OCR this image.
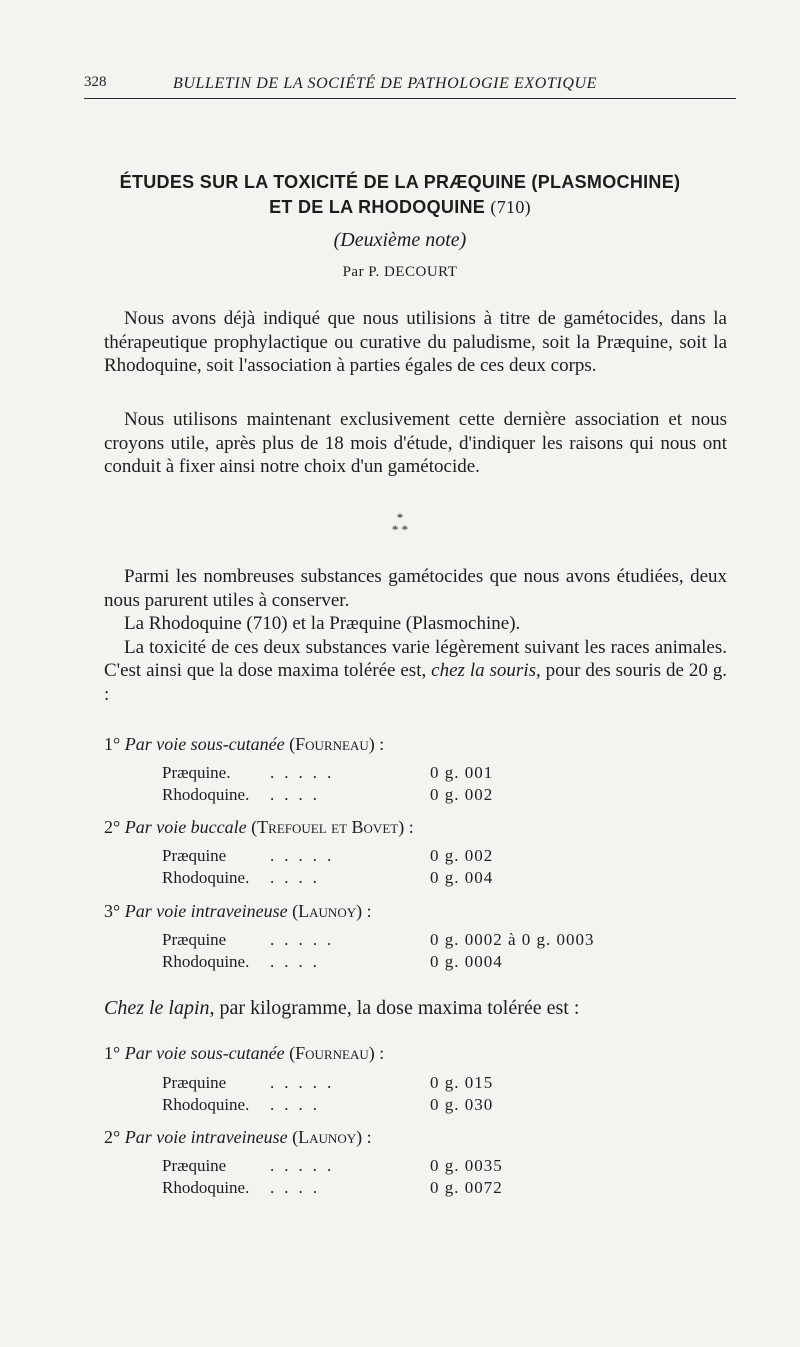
328	BULLETIN DE LA SOCIÉTÉ DE PATHOLOGIE EXOTIQUE
ÉTUDES SUR LA TOXICITÉ DE LA PRÆQUINE (PLASMOCHINE)
ET DE LA RHODOQUINE (710)
(Deuxième note)
Par P. DECOURT
Nous avons déjà indiqué que nous utilisions à titre de gamétocides, dans la thérapeutique prophylactique ou curative du paludisme, soit la Præquine, soit la Rhodoquine, soit l'association à parties égales de ces deux corps.
Nous utilisons maintenant exclusivement cette dernière association et nous croyons utile, après plus de 18 mois d'étude, d'indiquer les raisons qui nous ont conduit à fixer ainsi notre choix d'un gamétocide.
*
* *
Parmi les nombreuses substances gamétocides que nous avons étudiées, deux nous parurent utiles à conserver.
La Rhodoquine (710) et la Præquine (Plasmochine).
La toxicité de ces deux substances varie légèrement suivant les races animales. C'est ainsi que la dose maxima tolérée est, chez la souris, pour des souris de 20 g. :
1° Par voie sous-cutanée (Fourneau) :
Præquine. .....	0 g. 001
Rhodoquine. ....	0 g. 002
2° Par voie buccale (Trefouel et Bovet) :
Præquine	.....	0 g. 002
Rhodoquine. ....	0 g. 004
3° Par voie intraveineuse (Launoy) :
Præquine	.....	0 g. 0002 à 0 g. 0003
Rhodoquine. ....	0 g. 0004
Chez le lapin, par kilogramme, la dose maxima tolérée est :
1° Par voie sous-cutanée (Fourneau) :
Præquine	.....	0 g. 015
Rhodoquine. ....	0 g. 030
2° Par voie intraveineuse (Launoy) :
Præquine	.....	0 g. 0035
Rhodoquine. ....	0 g. 0072
